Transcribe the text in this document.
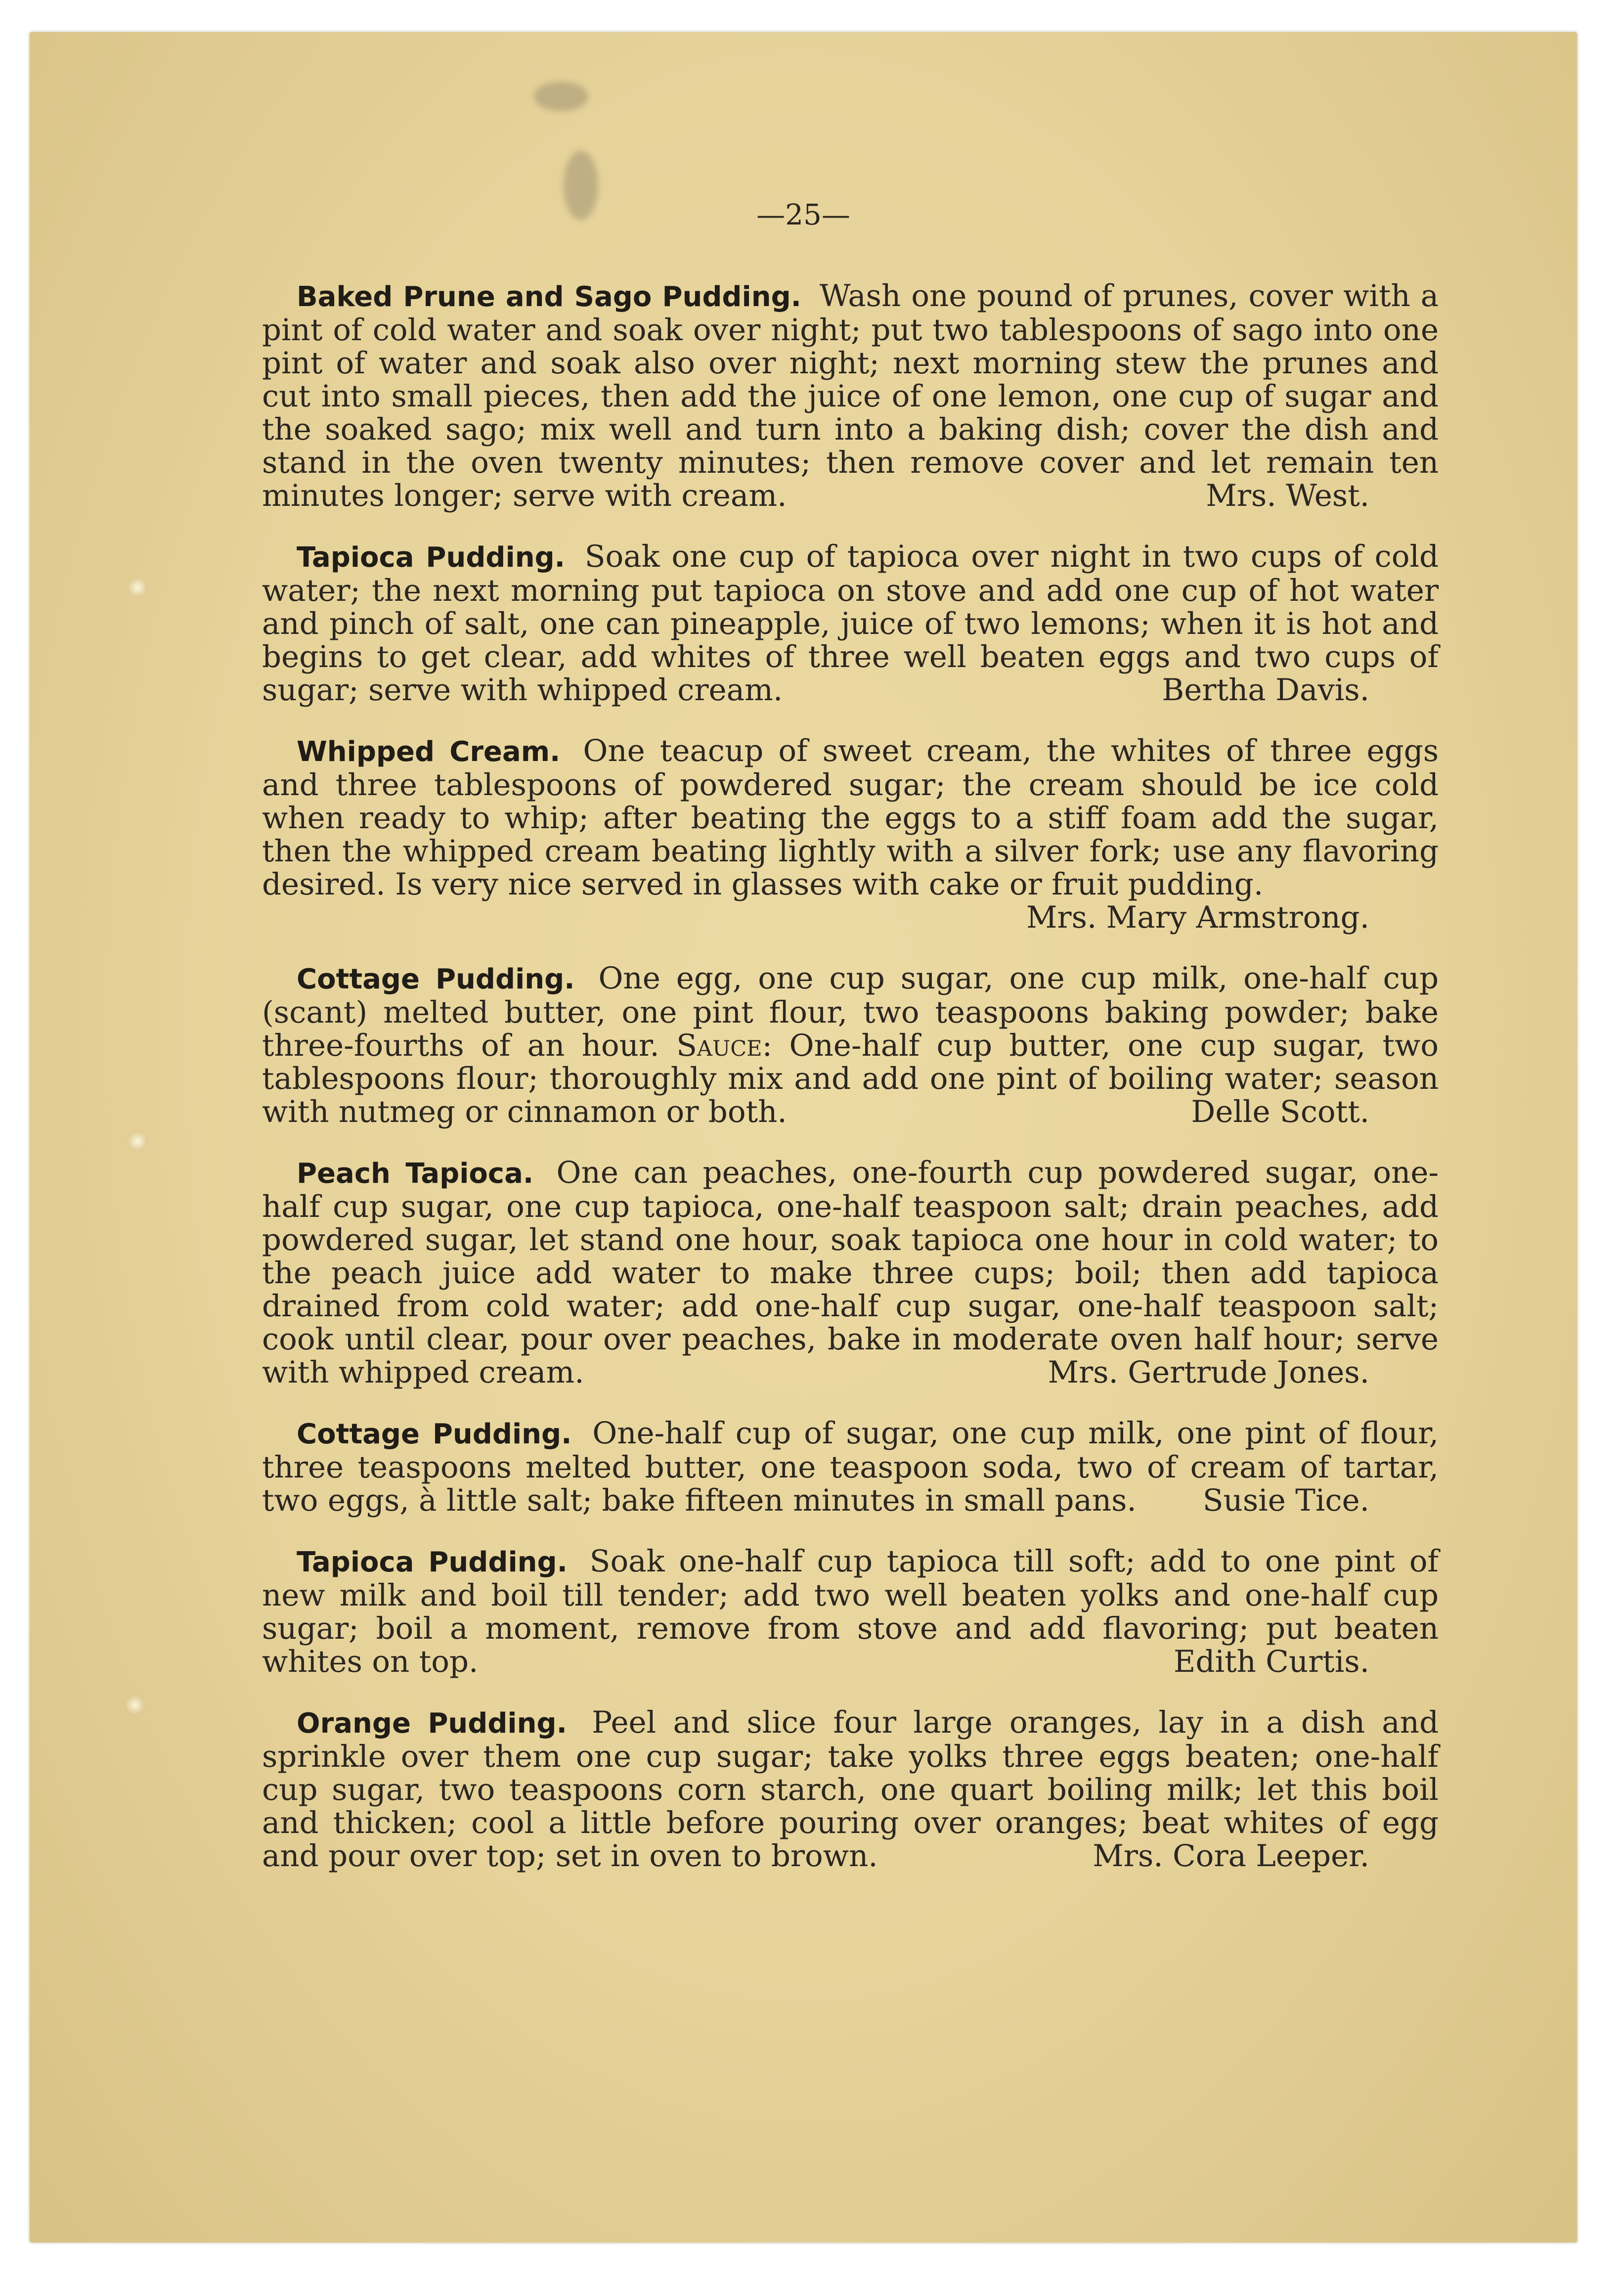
—25—

Baked Prune and Sago Pudding. Wash one pound of prunes, cover with a pint of cold water and soak over night; put two tablespoons of sago into one pint of water and soak also over night; next morning stew the prunes and cut into small pieces, then add the juice of one lemon, one cup of sugar and the soaked sago; mix well and turn into a baking dish; cover the dish and stand in the oven twenty minutes; then remove cover and let remain ten minutes longer; serve with cream.	Mrs. West.

Tapioca Pudding. Soak one cup of tapioca over night in two cups of cold water; the next morning put tapioca on stove and add one cup of hot water and pinch of salt, one can pineapple, juice of two lemons; when it is hot and begins to get clear, add whites of three well beaten eggs and two cups of sugar; serve with whipped cream.	Bertha Davis.

Whipped Cream. One teacup of sweet cream, the whites of three eggs and three tablespoons of powdered sugar; the cream should be ice cold when ready to whip; after beating the eggs to a stiff foam add the sugar, then the whipped cream beating lightly with a silver fork; use any flavoring desired. Is very nice served in glasses with cake or fruit pudding.
Mrs. Mary Armstrong.

Cottage Pudding. One egg, one cup sugar, one cup milk, one-half cup (scant) melted butter, one pint flour, two teaspoons baking powder; bake three-fourths of an hour. Sauce: One-half cup butter, one cup sugar, two tablespoons flour; thoroughly mix and add one pint of boiling water; season with nutmeg or cinnamon or both.	Delle Scott.

Peach Tapioca. One can peaches, one-fourth cup powdered sugar, one-half cup sugar, one cup tapioca, one-half teaspoon salt; drain peaches, add powdered sugar, let stand one hour, soak tapioca one hour in cold water; to the peach juice add water to make three cups; boil; then add tapioca drained from cold water; add one-half cup sugar, one-half teaspoon salt; cook until clear, pour over peaches, bake in moderate oven half hour; serve with whipped cream.	Mrs. Gertrude Jones.

Cottage Pudding. One-half cup of sugar, one cup milk, one pint of flour, three teaspoons melted butter, one teaspoon soda, two of cream of tartar, two eggs, à little salt; bake fifteen minutes in small pans. Susie Tice.

Tapioca Pudding. Soak one-half cup tapioca till soft; add to one pint of new milk and boil till tender; add two well beaten yolks and one-half cup sugar; boil a moment, remove from stove and add flavoring; put beaten whites on top.	Edith Curtis.

Orange Pudding. Peel and slice four large oranges, lay in a dish and sprinkle over them one cup sugar; take yolks three eggs beaten; one-half cup sugar, two teaspoons corn starch, one quart boiling milk; let this boil and thicken; cool a little before pouring over oranges; beat whites of egg and pour over top; set in oven to brown.	Mrs. Cora Leeper.
